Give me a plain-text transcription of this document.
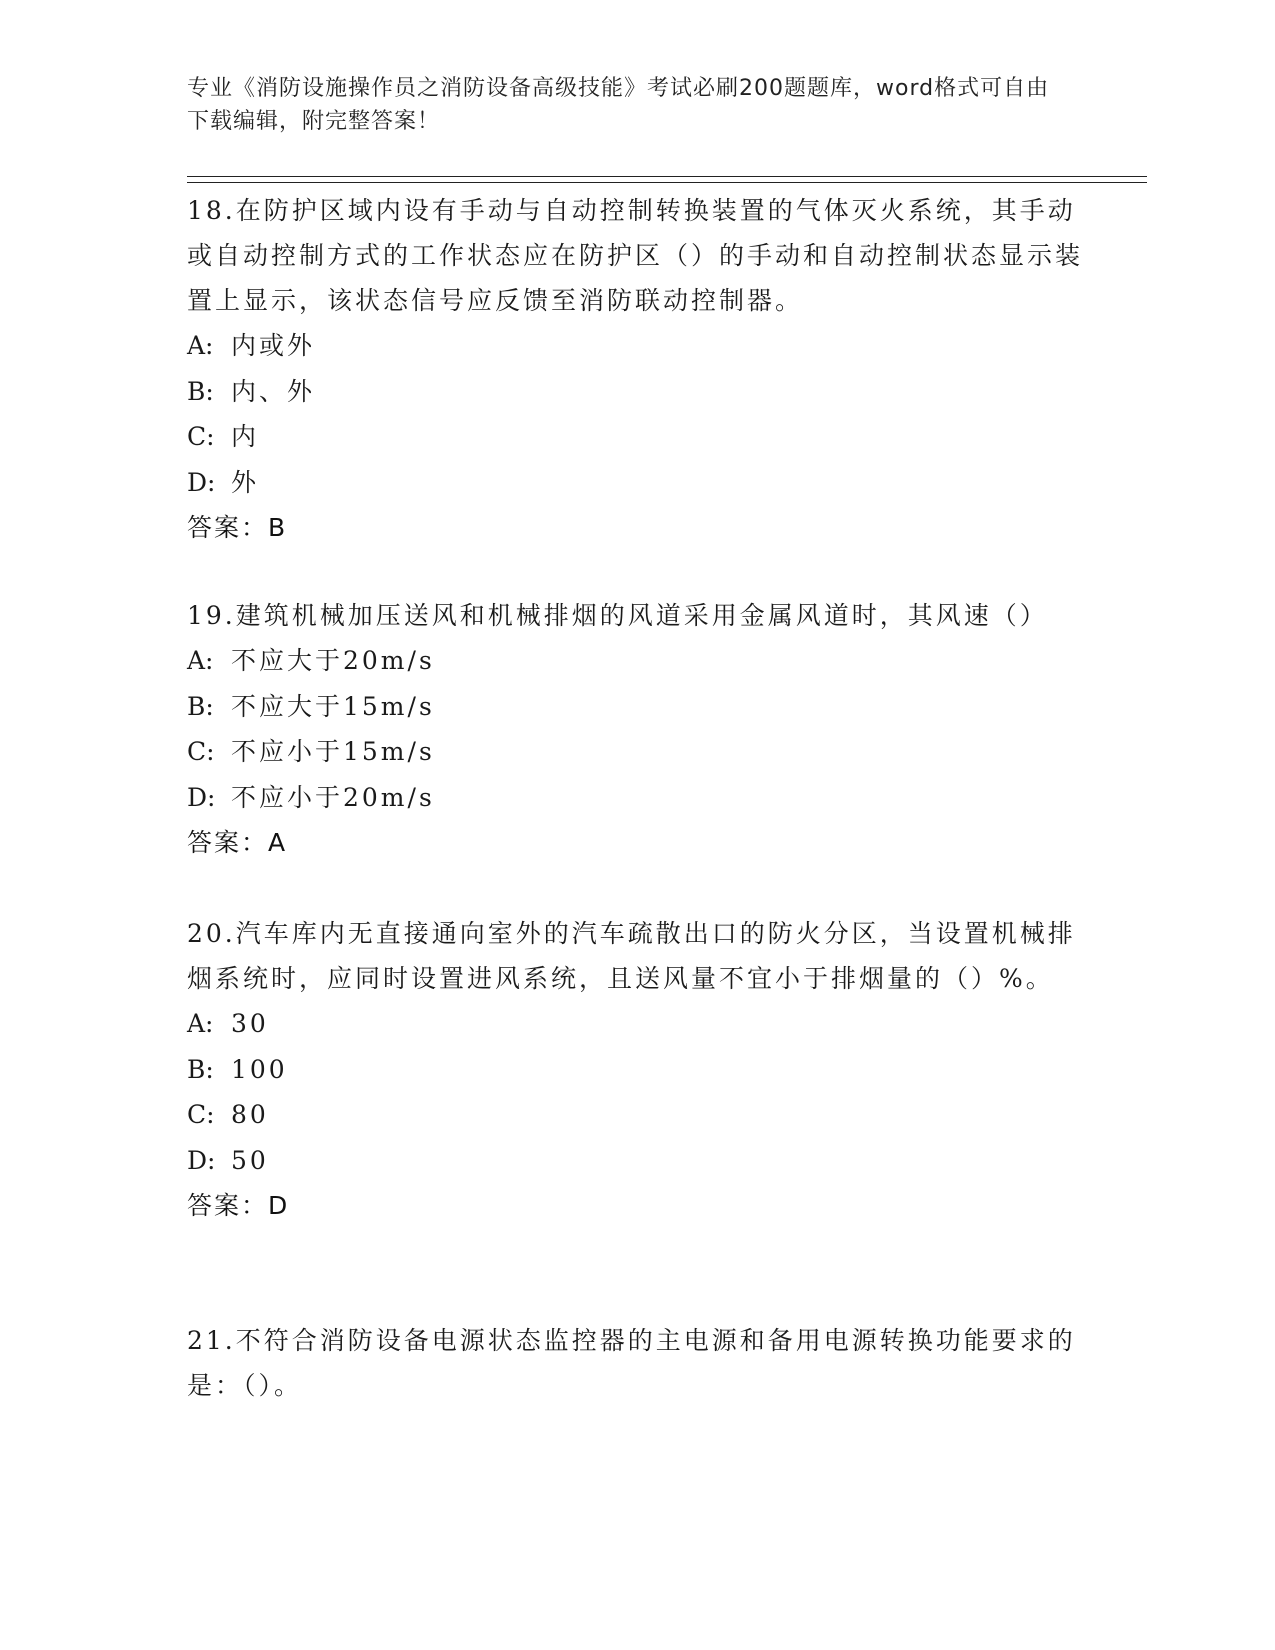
专业《消防设施操作员之消防设备高级技能》考试必刷200题题库，word格式可自由下载编辑，附完整答案！

18.在防护区域内设有手动与自动控制转换装置的气体灭火系统，其手动或自动控制方式的工作状态应在防护区（）的手动和自动控制状态显示装置上显示，该状态信号应反馈至消防联动控制器。

A: 内或外

B: 内、外

C: 内

D: 外

答案：B

19.建筑机械加压送风和机械排烟的风道采用金属风道时，其风速（）

A: 不应大于20m/s

B: 不应大于15m/s

C: 不应小于15m/s

D: 不应小于20m/s

答案：A

20.汽车库内无直接通向室外的汽车疏散出口的防火分区，当设置机械排烟系统时，应同时设置进风系统，且送风量不宜小于排烟量的（）%。

A: 30

B: 100

C: 80

D: 50

答案：D

21.不符合消防设备电源状态监控器的主电源和备用电源转换功能要求的是：（）。
